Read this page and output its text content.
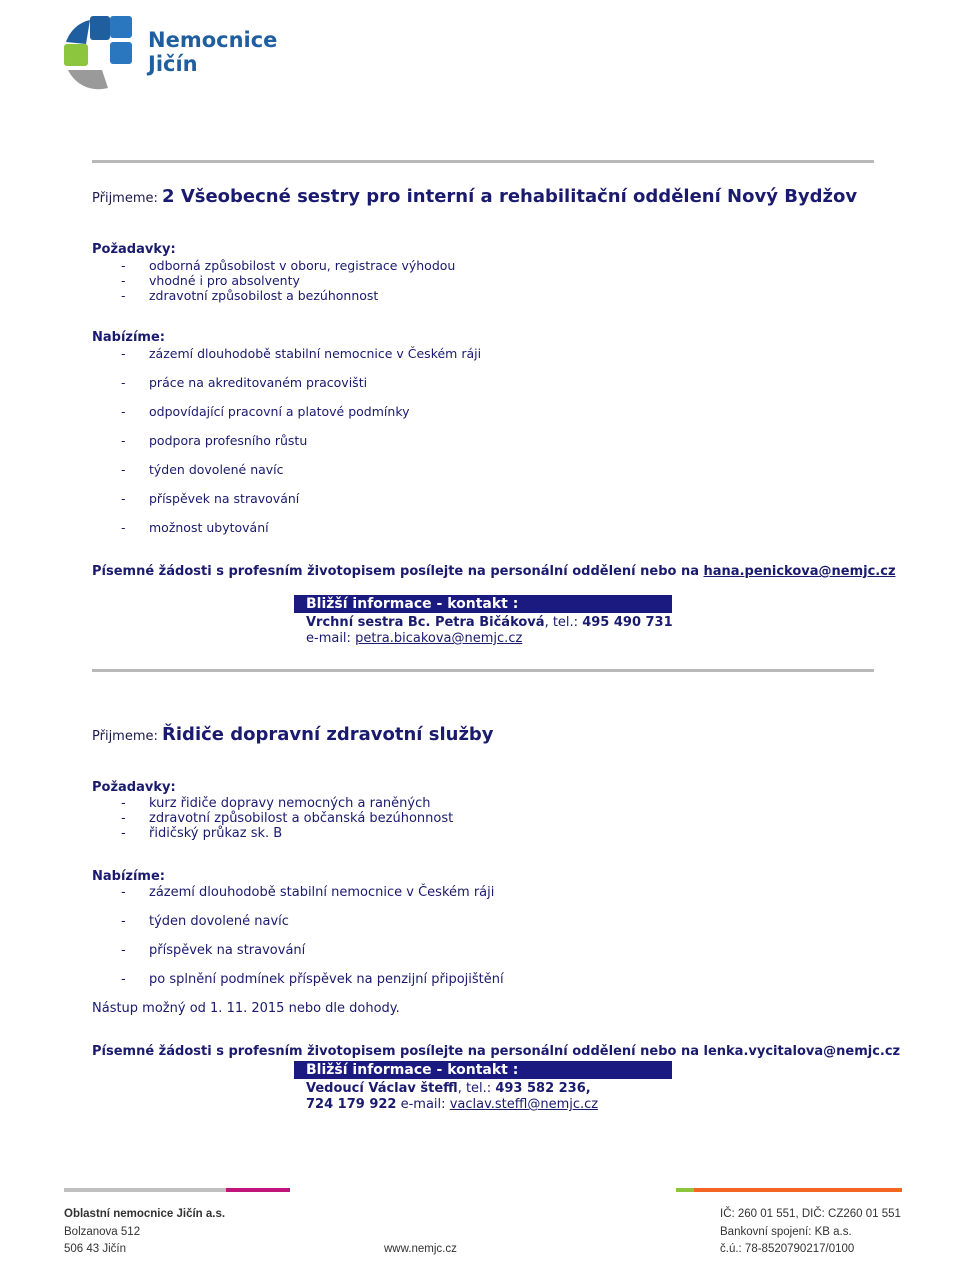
Nemocnice
Jičín
Přijmeme: 2 Všeobecné sestry pro interní a rehabilitační oddělení Nový Bydžov
Požadavky:
- odborná způsobilost v oboru, registrace výhodou
- vhodné i pro absolventy
- zdravotní způsobilost a bezúhonnost
Nabízíme:
- zázemí dlouhodobě stabilní nemocnice v Českém ráji
- práce na akreditovaném pracovišti
- odpovídající pracovní a platové podmínky
- podpora profesního růstu
- týden dovolené navíc
- příspěvek na stravování
- možnost ubytování
Písemné žádosti s profesním životopisem posílejte na personální oddělení nebo na hana.penickova@nemjc.cz
Bližší informace - kontakt :
Vrchní sestra Bc. Petra Bičáková, tel.: 495 490 731
e-mail: petra.bicakova@nemjc.cz
Přijmeme: Řidiče dopravní zdravotní služby
Požadavky:
- kurz řidiče dopravy nemocných a raněných
- zdravotní způsobilost a občanská bezúhonnost
- řidičský průkaz sk. B
Nabízíme:
- zázemí dlouhodobě stabilní nemocnice v Českém ráji
- týden dovolené navíc
- příspěvek na stravování
- po splnění podmínek příspěvek na penzijní připojištění
Nástup možný od 1. 11. 2015 nebo dle dohody.
Písemné žádosti s profesním životopisem posílejte na personální oddělení nebo na lenka.vycitalova@nemjc.cz
Bližší informace - kontakt :
Vedoucí Václav šteffl, tel.: 493 582 236,
724 179 922 e-mail: vaclav.steffl@nemjc.cz
Oblastní nemocnice Jičín a.s.
Bolzanova 512
506 43 Jičín	www.nemjc.cz
IČ: 260 01 551, DIČ: CZ260 01 551
Bankovní spojení: KB a.s.
č.ú.: 78-8520790217/0100
